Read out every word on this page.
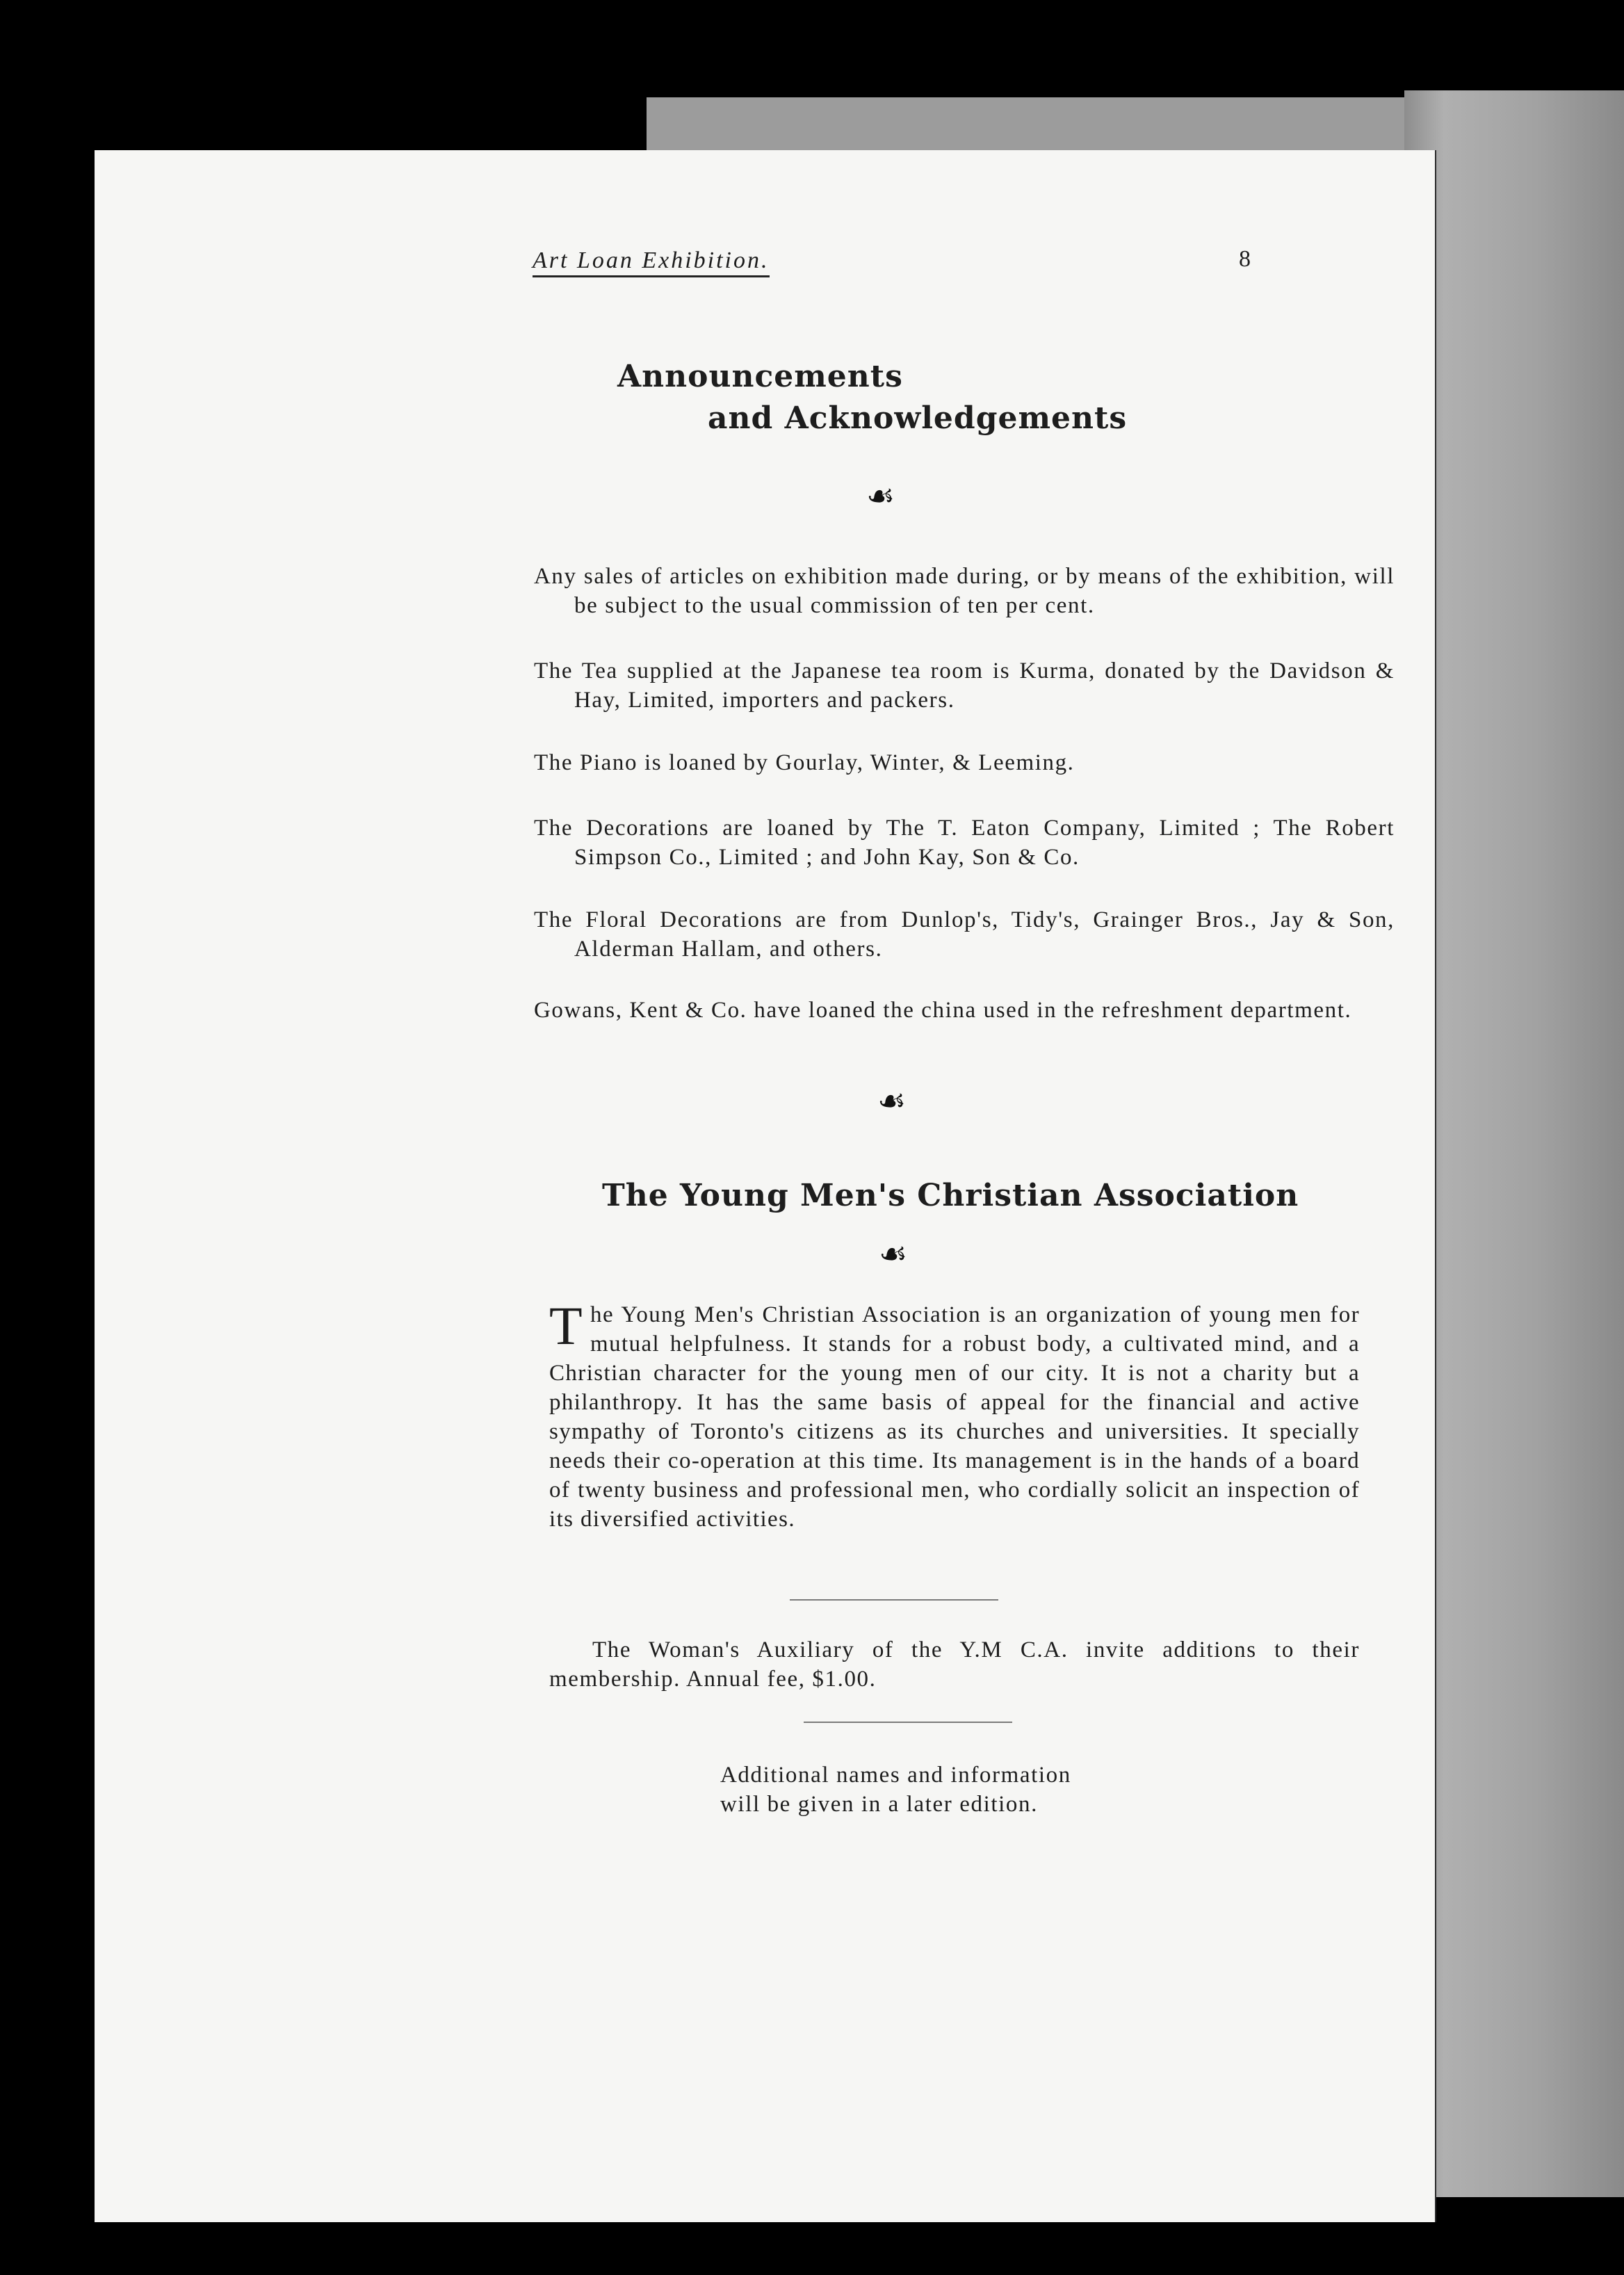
Art Loan Exhibition.	8
Announcements
and Acknowledgements
☙
Any sales of articles on exhibition made during, or by means of the exhibition, will be subject to the usual commission of ten per cent.
The Tea supplied at the Japanese tea room is Kurma, donated by the Davidson & Hay, Limited, importers and packers.
The Piano is loaned by Gourlay, Winter, & Leeming.
The Decorations are loaned by The T. Eaton Company, Limited ; The Robert Simpson Co., Limited ; and John Kay, Son & Co.
The Floral Decorations are from Dunlop's, Tidy's, Grainger Bros., Jay & Son, Alderman Hallam, and others.
Gowans, Kent & Co. have loaned the china used in the refreshment department.
☙
The Young Men's Christian Association
☙
The Young Men's Christian Association is an organization of young men for mutual helpfulness. It stands for a robust body, a cultivated mind, and a Christian character for the young men of our city. It is not a charity but a philanthropy. It has the same basis of appeal for the financial and active sympathy of Toronto's citizens as its churches and universities. It specially needs their co-operation at this time. Its management is in the hands of a board of twenty business and professional men, who cordially solicit an inspection of its diversified activities.
The Woman's Auxiliary of the Y.M C.A. invite additions to their membership. Annual fee, $1.00.
Additional names and information
will be given in a later edition.
